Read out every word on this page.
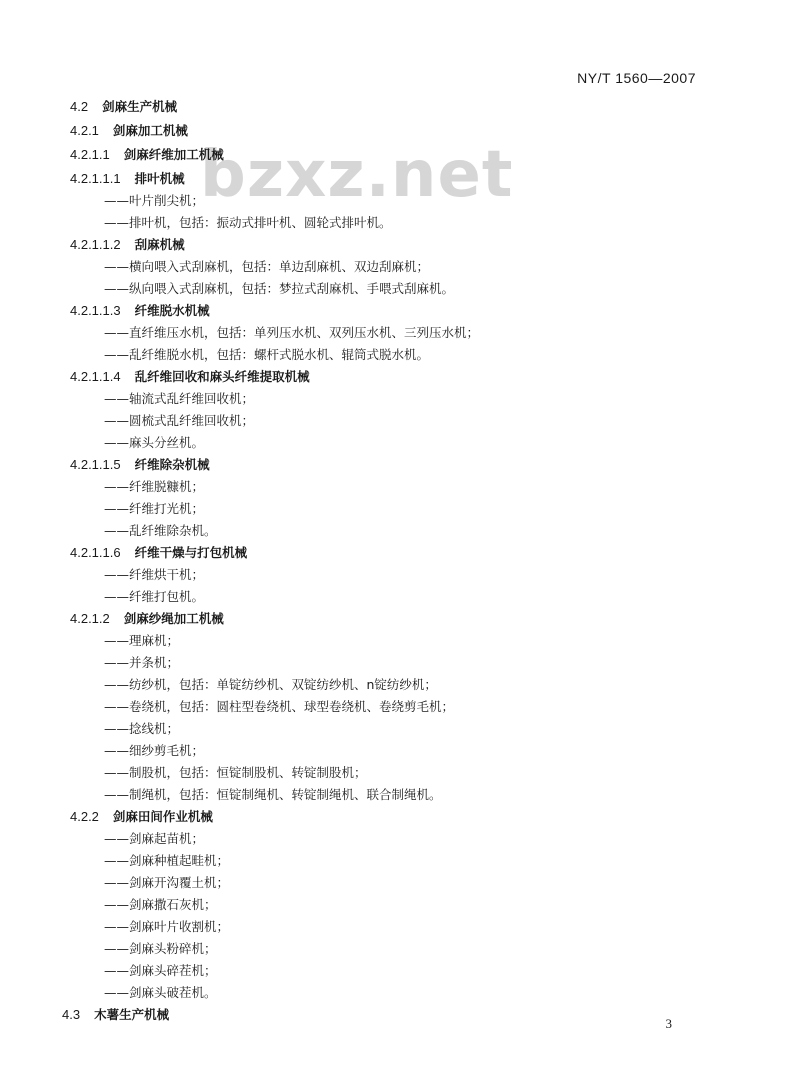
NY/T 1560—2007
bzxz.net
4.2 剑麻生产机械
4.2.1 剑麻加工机械
4.2.1.1 剑麻纤维加工机械
4.2.1.1.1 排叶机械
——叶片削尖机；
——排叶机，包括：振动式排叶机、圆轮式排叶机。
4.2.1.1.2 刮麻机械
——横向喂入式刮麻机，包括：单边刮麻机、双边刮麻机；
——纵向喂入式刮麻机，包括：梦拉式刮麻机、手喂式刮麻机。
4.2.1.1.3 纤维脱水机械
——直纤维压水机，包括：单列压水机、双列压水机、三列压水机；
——乱纤维脱水机，包括：螺杆式脱水机、辊筒式脱水机。
4.2.1.1.4 乱纤维回收和麻头纤维提取机械
——轴流式乱纤维回收机；
——圆梳式乱纤维回收机；
——麻头分丝机。
4.2.1.1.5 纤维除杂机械
——纤维脱糠机；
——纤维打光机；
——乱纤维除杂机。
4.2.1.1.6 纤维干燥与打包机械
——纤维烘干机；
——纤维打包机。
4.2.1.2 剑麻纱绳加工机械
——理麻机；
——并条机；
——纺纱机，包括：单锭纺纱机、双锭纺纱机、n锭纺纱机；
——卷绕机，包括：圆柱型卷绕机、球型卷绕机、卷绕剪毛机；
——捻线机；
——细纱剪毛机；
——制股机，包括：恒锭制股机、转锭制股机；
——制绳机，包括：恒锭制绳机、转锭制绳机、联合制绳机。
4.2.2 剑麻田间作业机械
——剑麻起苗机；
——剑麻种植起畦机；
——剑麻开沟覆土机；
——剑麻撒石灰机；
——剑麻叶片收割机；
——剑麻头粉碎机；
——剑麻头碎茬机；
——剑麻头破茬机。
4.3 木薯生产机械
3
